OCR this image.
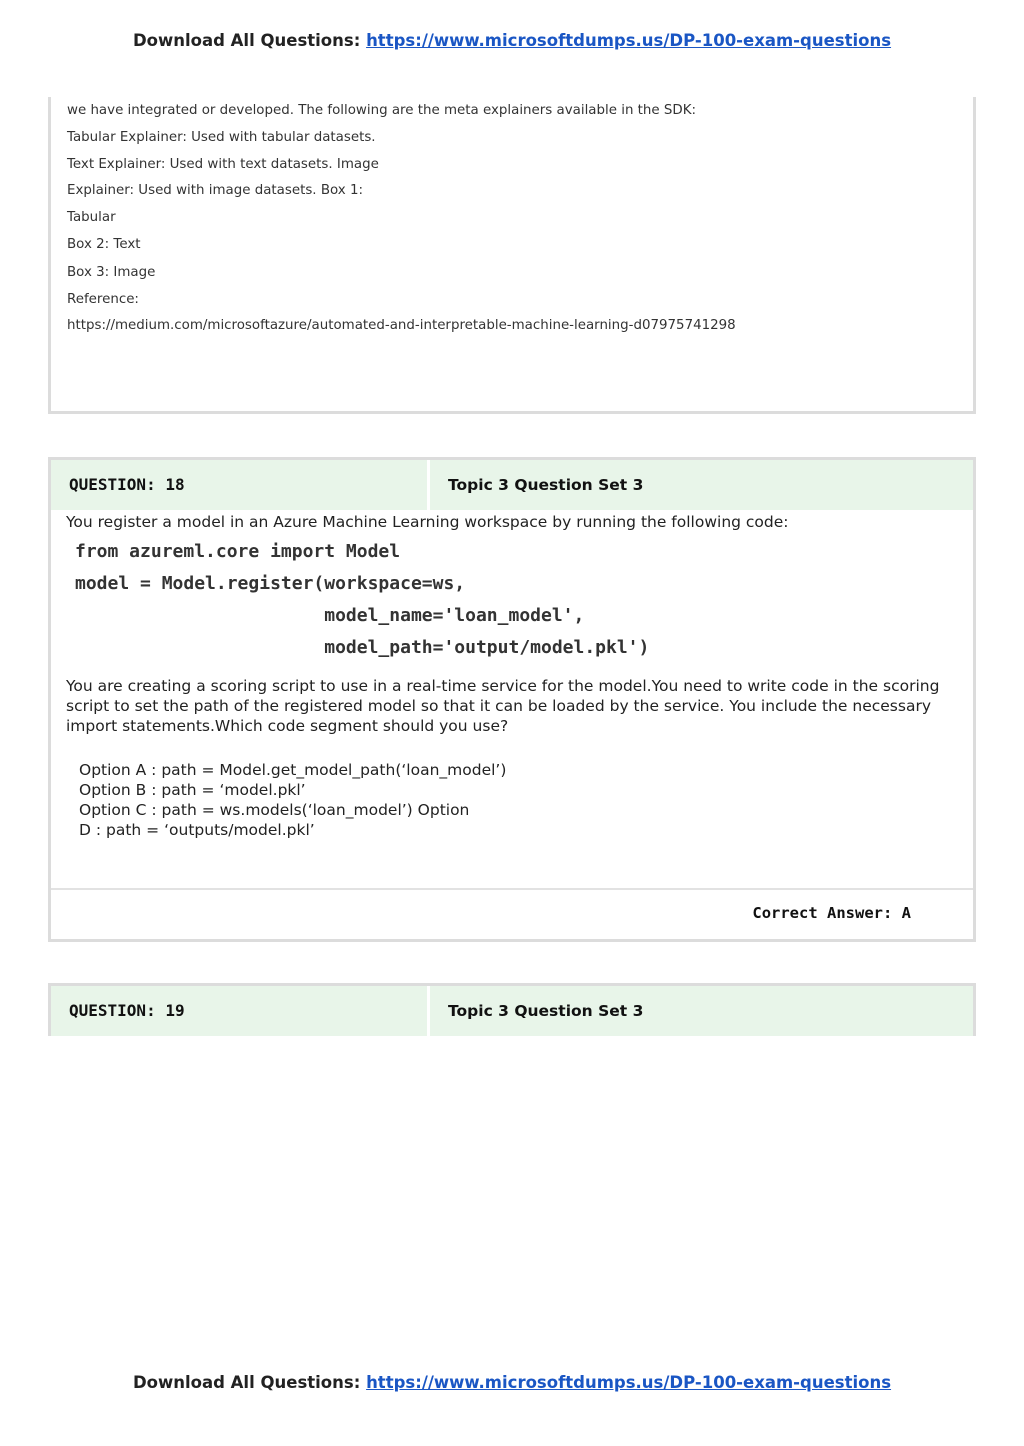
Download All Questions: https://www.microsoftdumps.us/DP-100-exam-questions
we have integrated or developed. The following are the meta explainers available in the SDK:
Tabular Explainer: Used with tabular datasets.
Text Explainer: Used with text datasets. Image
Explainer: Used with image datasets. Box 1:
Tabular
Box 2: Text
Box 3: Image
Reference:
https://medium.com/microsoftazure/automated-and-interpretable-machine-learning-d07975741298
QUESTION: 18	Topic 3 Question Set 3
You register a model in an Azure Machine Learning workspace by running the following code:
from azureml.core import Model
model = Model.register(workspace=ws,
model_name='loan_model',
model_path='output/model.pkl')
You are creating a scoring script to use in a real-time service for the model.You need to write code in the scoring
script to set the path of the registered model so that it can be loaded by the service. You include the necessary
import statements.Which code segment should you use?
Option A : path = Model.get_model_path(‘loan_model’)
Option B : path = ‘model.pkl’
Option C : path = ws.models(‘loan_model’) Option
D : path = ‘outputs/model.pkl’
Correct Answer: A
QUESTION: 19	Topic 3 Question Set 3
Download All Questions: https://www.microsoftdumps.us/DP-100-exam-questions
